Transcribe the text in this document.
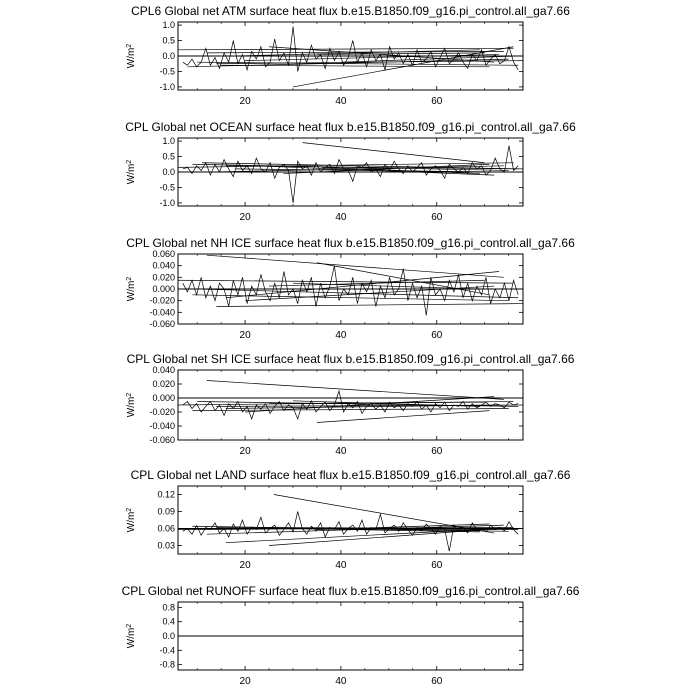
CPL6 Global net ATM surface heat flux b.e15.B1850.f09_g16.pi_control.all_ga7.66
$W/m^2$
1.0
0.5
0.0
-0.5
-1.0
20	40	60
CPL Global net OCEAN surface heat flux b.e15.B1850.f09_g16.pi_control.all_ga7.66
$W/m^2$
1.0
0.5
0.0
-0.5
-1.0
20	40	60
CPL Global net NH ICE surface heat flux b.e15.B1850.f09_g16.pi_control.all_ga7.66
$W/m^2$
0.060
0.040
0.020
0.000
-0.020
-0.040
-0.060
20	40	60
CPL Global net SH ICE surface heat flux b.e15.B1850.f09_g16.pi_control.all_ga7.66
$W/m^2$
0.040
0.020
0.000
-0.020
-0.040
-0.060
20	40	60
CPL Global net LAND surface heat flux b.e15.B1850.f09_g16.pi_control.all_ga7.66
$W/m^2$
0.12
0.09
0.06
0.03
20	40	60
CPL Global net RUNOFF surface heat flux b.e15.B1850.f09_g16.pi_control.all_ga7.66
$W/m^2$
0.8
0.4
0.0
-0.4
-0.8
20	40	60
